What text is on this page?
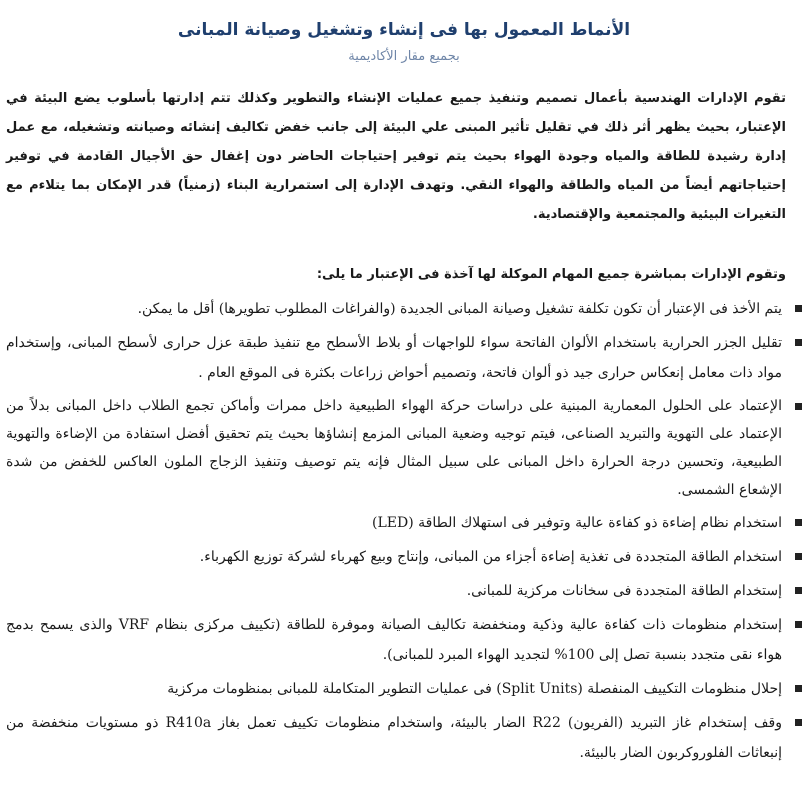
الأنماط المعمول بها فى إنشاء وتشغيل وصيانة المبانى
بجميع مقار الأكاديمية

تقوم الإدارات الهندسية بأعمال تصميم وتنفيذ جميع عمليات الإنشاء والتطوير وكذلك تتم إدارتها بأسلوب يضع البيئة في الإعتبار، بحيث يظهر أثر ذلك في تقليل تأثير المبنى علي البيئة إلى جانب خفض تكاليف إنشائه وصيانته وتشغيله، مع عمل إدارة رشيدة للطاقة والمياه وجودة الهواء بحيث يتم توفير إحتياجات الحاضر دون إغفال حق الأجيال القادمة في توفير إحتياجاتهم أيضاً من المياه والطاقة والهواء النقي. وتهدف الإدارة إلى استمرارية البناء (زمنياً) قدر الإمكان بما يتلاءم مع التغيرات البيئية والمجتمعية والإقتصادية.

وتقوم الإدارات بمباشرة جميع المهام الموكلة لها آخذة فى الإعتبار ما يلى:
يتم الأخذ فى الإعتبار أن تكون تكلفة تشغيل وصيانة المبانى الجديدة (والفراغات المطلوب تطويرها) أقل ما يمكن.
تقليل الجزر الحرارية باستخدام الألوان الفاتحة سواء للواجهات أو بلاط الأسطح مع تنفيذ طبقة عزل حرارى لأسطح المبانى، وإستخدام مواد ذات معامل إنعكاس حرارى جيد ذو ألوان فاتحة، وتصميم أحواض زراعات بكثرة فى الموقع العام .
الإعتماد على الحلول المعمارية المبنية على دراسات حركة الهواء الطبيعية داخل ممرات وأماكن تجمع الطلاب داخل المبانى بدلاً من الإعتماد على التهوية والتبريد الصناعى، فيتم توجيه وضعية المبانى المزمع إنشاؤها بحيث يتم تحقيق أفضل استفادة من الإضاءة والتهوية الطبيعية، وتحسين درجة الحرارة داخل المبانى على سبيل المثال فإنه يتم توصيف وتنفيذ الزجاج الملون العاكس للخفض من شدة الإشعاع الشمسى.
استخدام نظام إضاءة ذو كفاءة عالية وتوفير فى استهلاك الطاقة (LED)
استخدام الطاقة المتجددة فى تغذية إضاءة أجزاء من المبانى، وإنتاج وبيع كهرباء لشركة توزيع الكهرباء.
إستخدام الطاقة المتجددة فى سخانات مركزية للمبانى.
إستخدام منظومات ذات كفاءة عالية وذكية ومنخفضة تكاليف الصيانة وموفرة للطاقة (تكييف مركزى بنظام VRF والذى يسمح بدمج هواء نقى متجدد بنسبة تصل إلى 100% لتجديد الهواء المبرد للمبانى).
إحلال منظومات التكييف المنفصلة (Split Units) فى عمليات التطوير المتكاملة للمبانى بمنظومات مركزية
وقف إستخدام غاز التبريد (الفريون) R22 الضار بالبيئة، واستخدام منظومات تكييف تعمل بغاز R410a ذو مستويات منخفضة من إنبعاثات الفلوروكربون الضار بالبيئة.
